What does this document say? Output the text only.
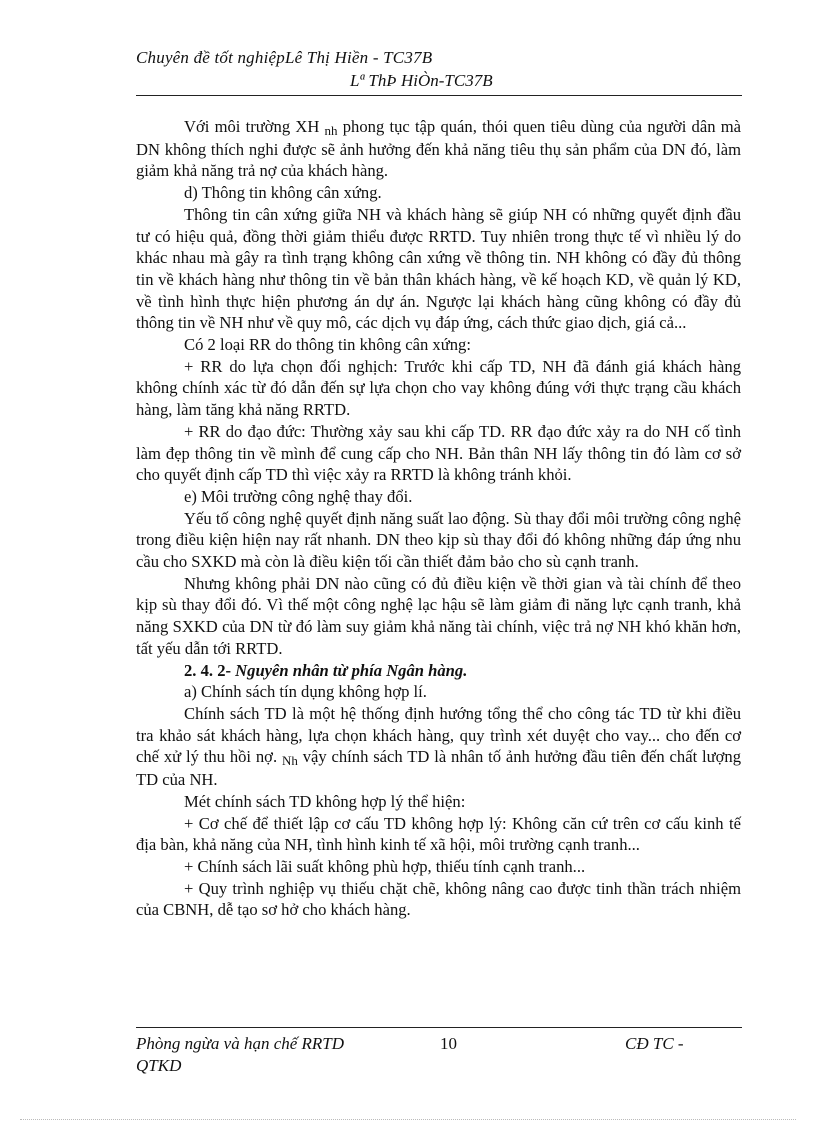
Chuyên đề tốt nghiệpLê Thị Hiền - TC37B
Lª ThÞ HiÒn-TC37B

Với môi trường XH nh phong tục tập quán, thói quen tiêu dùng của người dân mà DN không thích nghi được sẽ ảnh hưởng đến khả năng tiêu thụ sản phẩm của DN đó, làm giảm khả năng trả nợ của khách hàng.

d) Thông tin không cân xứng.

Thông tin cân xứng giữa NH và khách hàng sẽ giúp NH có những quyết định đầu tư có hiệu quả, đồng thời giảm thiểu được RRTD. Tuy nhiên trong thực tế vì nhiều lý do khác nhau mà gây ra tình trạng không cân xứng về thông tin. NH không có đầy đủ thông tin về khách hàng như thông tin về bản thân khách hàng, về kế hoạch KD, về quản lý KD, về tình hình thực hiện phương án dự án. Ngược lại khách hàng cũng không có đầy đủ thông tin về NH như về quy mô, các dịch vụ đáp ứng, cách thức giao dịch, giá cả...

Có 2 loại RR do thông tin không cân xứng:

+ RR do lựa chọn đối nghịch: Trước khi cấp TD, NH đã đánh giá khách hàng không chính xác từ đó dẫn đến sự lựa chọn cho vay không đúng với thực trạng cầu khách hàng, làm tăng khả năng RRTD.

+ RR do đạo đức: Thường xảy sau khi cấp TD. RR đạo đức xảy ra do NH cố tình làm đẹp thông tin về mình để cung cấp cho NH. Bản thân NH lấy thông tin đó làm cơ sở cho quyết định cấp TD thì việc xảy ra RRTD là không tránh khỏi.

e) Môi trường công nghệ thay đổi.

Yếu tố công nghệ quyết định năng suất lao động. Sù thay đổi môi trường công nghệ trong điều kiện hiện nay rất nhanh. DN theo kịp sù thay đổi đó không những đáp ứng nhu cầu cho SXKD mà còn là điều kiện tối cần thiết đảm bảo cho sù cạnh tranh.

Nhưng không phải DN nào cũng có đủ điều kiện về thời gian và tài chính để theo kịp sù thay đổi đó. Vì thế một công nghệ lạc hậu sẽ làm giảm đi năng lực cạnh tranh, khả năng SXKD của DN từ đó làm suy giảm khả năng tài chính, việc trả nợ NH khó khăn hơn, tất yếu dẫn tới RRTD.

2. 4. 2- Nguyên nhân từ phía Ngân hàng.

a) Chính sách tín dụng không hợp lí.

Chính sách TD là một hệ thống định hướng tổng thể cho công tác TD từ khi điều tra khảo sát khách hàng, lựa chọn khách hàng, quy trình xét duyệt cho vay... cho đến cơ chế xử lý thu hồi nợ. Nh vậy chính sách TD là nhân tố ảnh hưởng đầu tiên đến chất lượng TD của NH.

Mét chính sách TD không hợp lý thể hiện:

+ Cơ chế để thiết lập cơ cấu TD không hợp lý: Không căn cứ trên cơ cấu kinh tế địa bàn, khả năng của NH, tình hình kinh tế xã hội, môi trường cạnh tranh...

+ Chính sách lãi suất không phù hợp, thiếu tính cạnh tranh...

+ Quy trình nghiệp vụ thiếu chặt chẽ, không nâng cao được tinh thần trách nhiệm của CBNH, dễ tạo sơ hở cho khách hàng.

Phòng ngừa và hạn chế RRTD
QTKD
10	CĐ TC -
